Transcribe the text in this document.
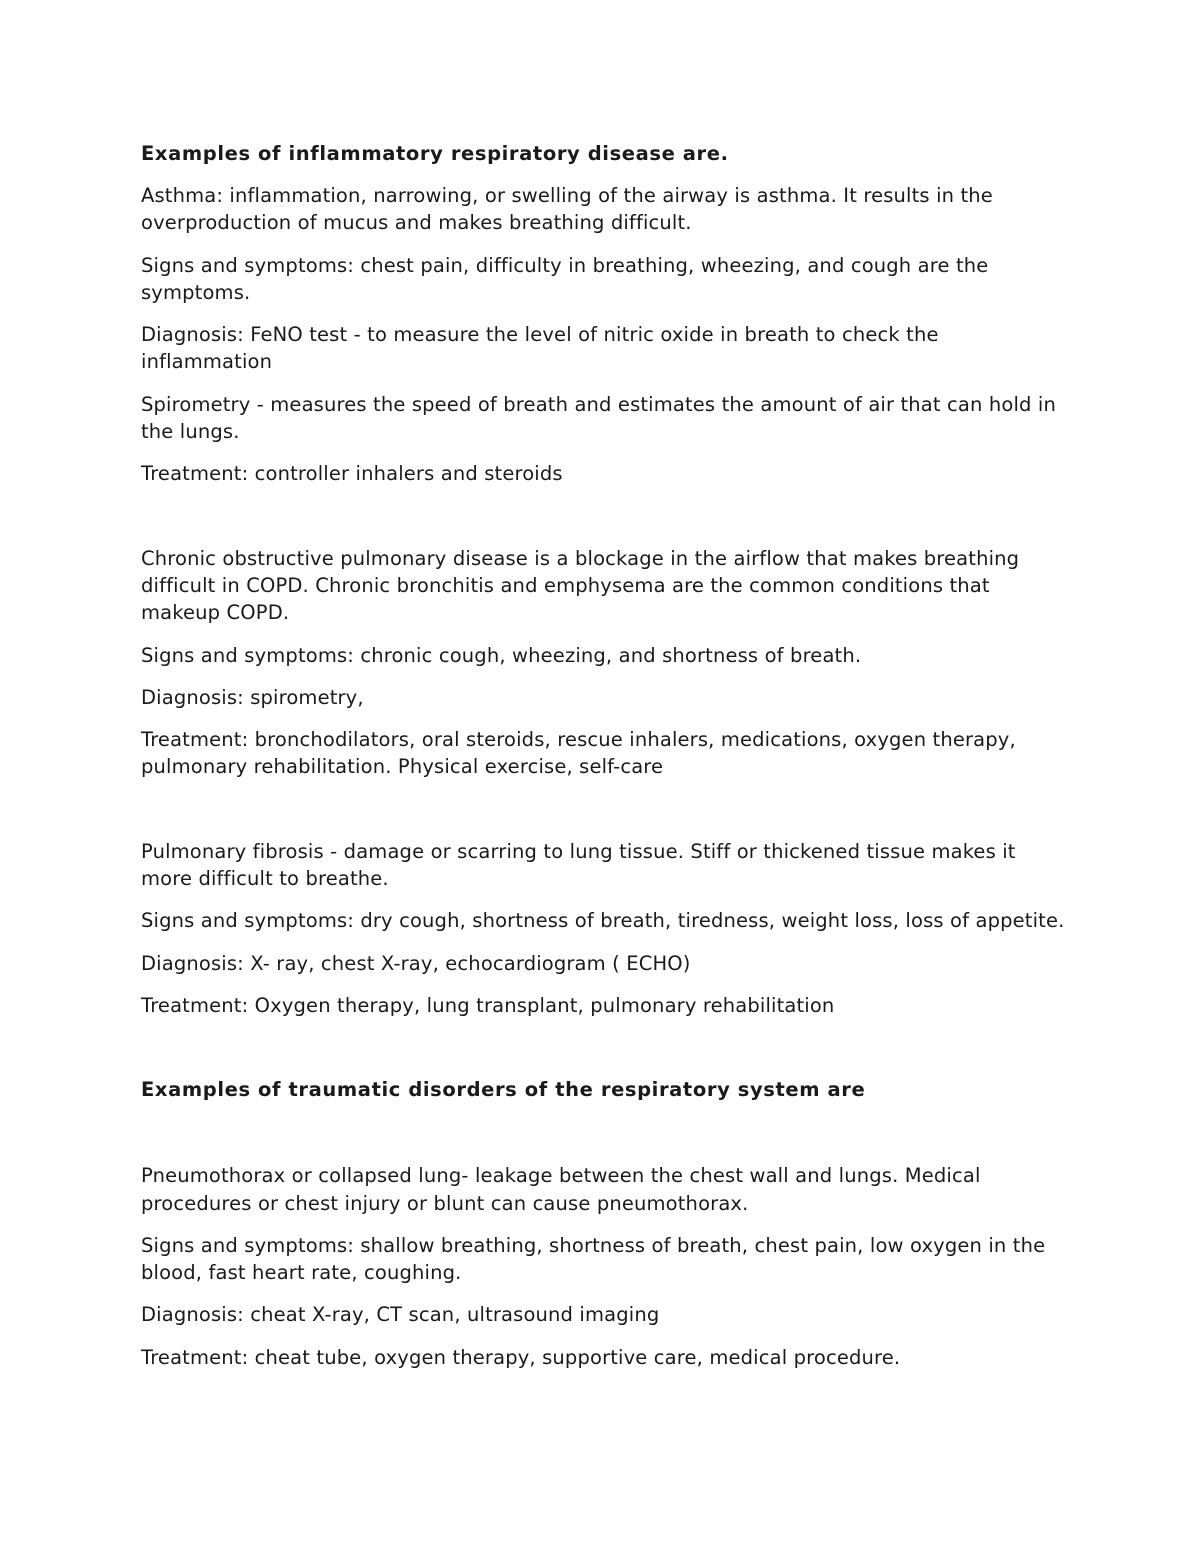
Examples of inflammatory respiratory disease are.

Asthma: inflammation, narrowing, or swelling of the airway is asthma. It results in the overproduction of mucus and makes breathing difficult.

Signs and symptoms: chest pain, difficulty in breathing, wheezing, and cough are the symptoms.

Diagnosis: FeNO test - to measure the level of nitric oxide in breath to check the inflammation

Spirometry - measures the speed of breath and estimates the amount of air that can hold in the lungs.

Treatment: controller inhalers and steroids

Chronic obstructive pulmonary disease is a blockage in the airflow that makes breathing difficult in COPD. Chronic bronchitis and emphysema are the common conditions that makeup COPD.

Signs and symptoms: chronic cough, wheezing, and shortness of breath.

Diagnosis: spirometry,

Treatment: bronchodilators, oral steroids, rescue inhalers, medications, oxygen therapy, pulmonary rehabilitation. Physical exercise, self-care

Pulmonary fibrosis - damage or scarring to lung tissue. Stiff or thickened tissue makes it more difficult to breathe.

Signs and symptoms: dry cough, shortness of breath, tiredness, weight loss, loss of appetite.

Diagnosis: X- ray, chest X-ray, echocardiogram ( ECHO)

Treatment: Oxygen therapy, lung transplant, pulmonary rehabilitation

Examples of traumatic disorders of the respiratory system are

Pneumothorax or collapsed lung- leakage between the chest wall and lungs. Medical procedures or chest injury or blunt can cause pneumothorax.

Signs and symptoms: shallow breathing, shortness of breath, chest pain, low oxygen in the blood, fast heart rate, coughing.

Diagnosis: cheat X-ray, CT scan, ultrasound imaging

Treatment: cheat tube, oxygen therapy, supportive care, medical procedure.
